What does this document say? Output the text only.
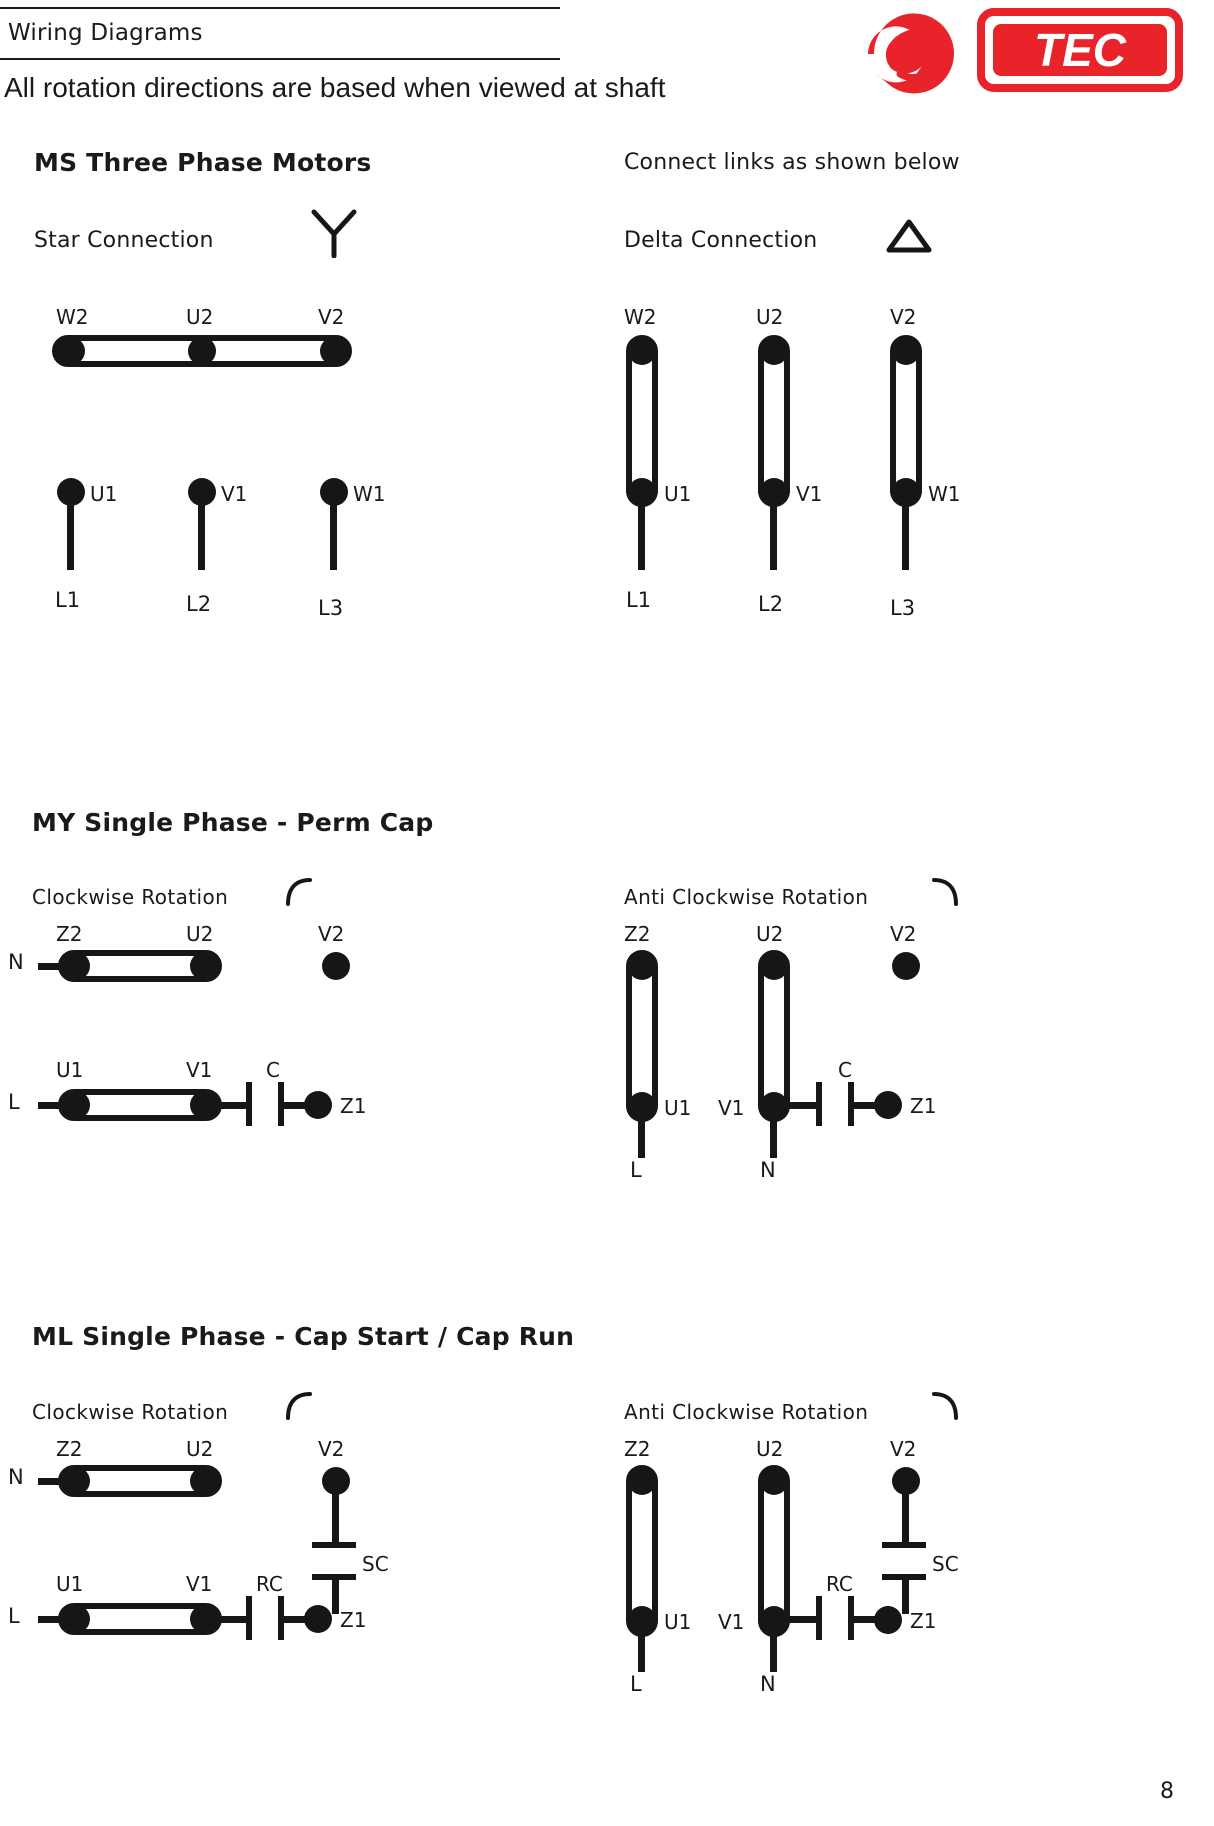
Wiring Diagrams
All rotation directions are based when viewed at shaft
TEC
MS Three Phase Motors	Connect links as shown below
Star Connection
W2	U2	V2
U1	V1	W1
L1	L2	L3
Delta Connection
W2	U2	V2
U1	V1	W1
L1	L2	L3
MY Single Phase - Perm Cap
Clockwise Rotation
Z2	U2	V2
N
U1	V1	C
L	Z1
Anti Clockwise Rotation
Z2	U2	V2
U1 V1
C
Z1
L	N
ML Single Phase - Cap Start / Cap Run
Clockwise Rotation
Z2	U2	V2
N
SC
U1	V1 RC
L	Z1
Anti Clockwise Rotation
Z2	U2	V2
SC
U1 V1
RC
Z1
L	N
8
